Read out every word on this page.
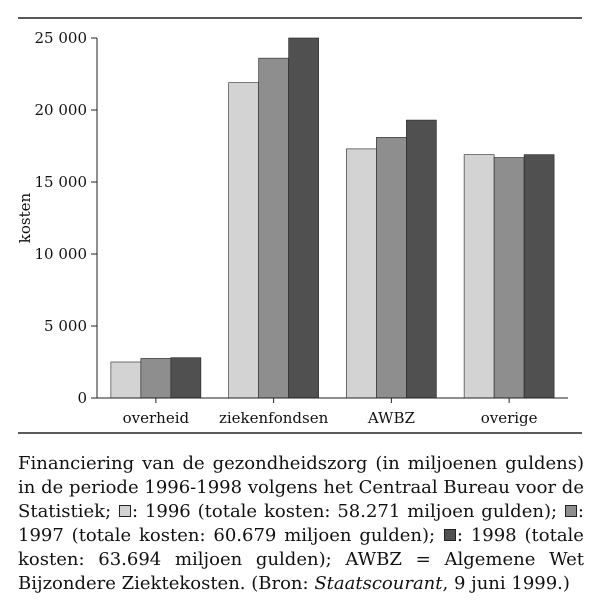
0
5 000
10 000
15 000
20 000
25 000
overheid ziekenfondsen	AWBZ	overige
kosten
Financiering van de gezondheidszorg (in miljoenen guldens) in de periode 1996-1998 volgens het Centraal Bureau voor de Statistiek; : 1996 (totale kosten: 58.271 miljoen gulden); : 1997 (totale kosten: 60.679 miljoen gulden); : 1998 (totale kosten: 63.694 miljoen gulden); AWBZ = Algemene Wet Bijzondere Ziektekosten. (Bron: Staatscourant, 9 juni 1999.)
